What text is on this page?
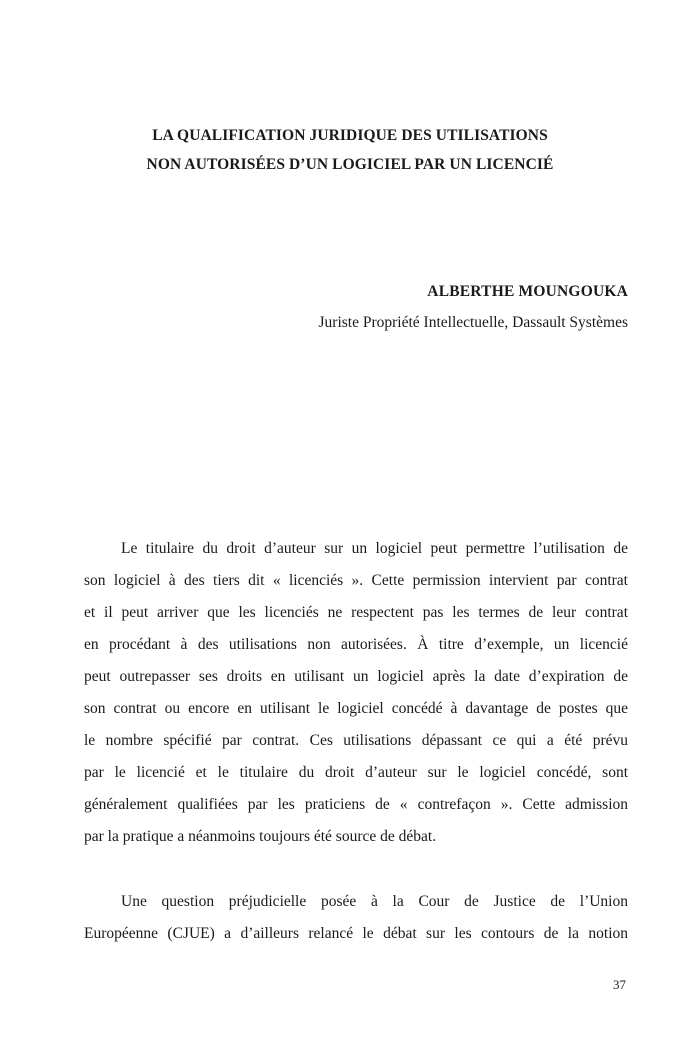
LA QUALIFICATION JURIDIQUE DES UTILISATIONS
NON AUTORISÉES D’UN LOGICIEL PAR UN LICENCIÉ
ALBERTHE MOUNGOUKA
Juriste Propriété Intellectuelle, Dassault Systèmes
Le titulaire du droit d’auteur sur un logiciel peut permettre l’utilisation de
son logiciel à des tiers dit « licenciés ». Cette permission intervient par contrat
et il peut arriver que les licenciés ne respectent pas les termes de leur contrat
en procédant à des utilisations non autorisées. À titre d’exemple, un licencié
peut outrepasser ses droits en utilisant un logiciel après la date d’expiration de
son contrat ou encore en utilisant le logiciel concédé à davantage de postes que
le nombre spécifié par contrat. Ces utilisations dépassant ce qui a été prévu
par le licencié et le titulaire du droit d’auteur sur le logiciel concédé, sont
généralement qualifiées par les praticiens de « contrefaçon ». Cette admission
par la pratique a néanmoins toujours été source de débat.
Une question préjudicielle posée à la Cour de Justice de l’Union
Européenne (CJUE) a d’ailleurs relancé le débat sur les contours de la notion
37
